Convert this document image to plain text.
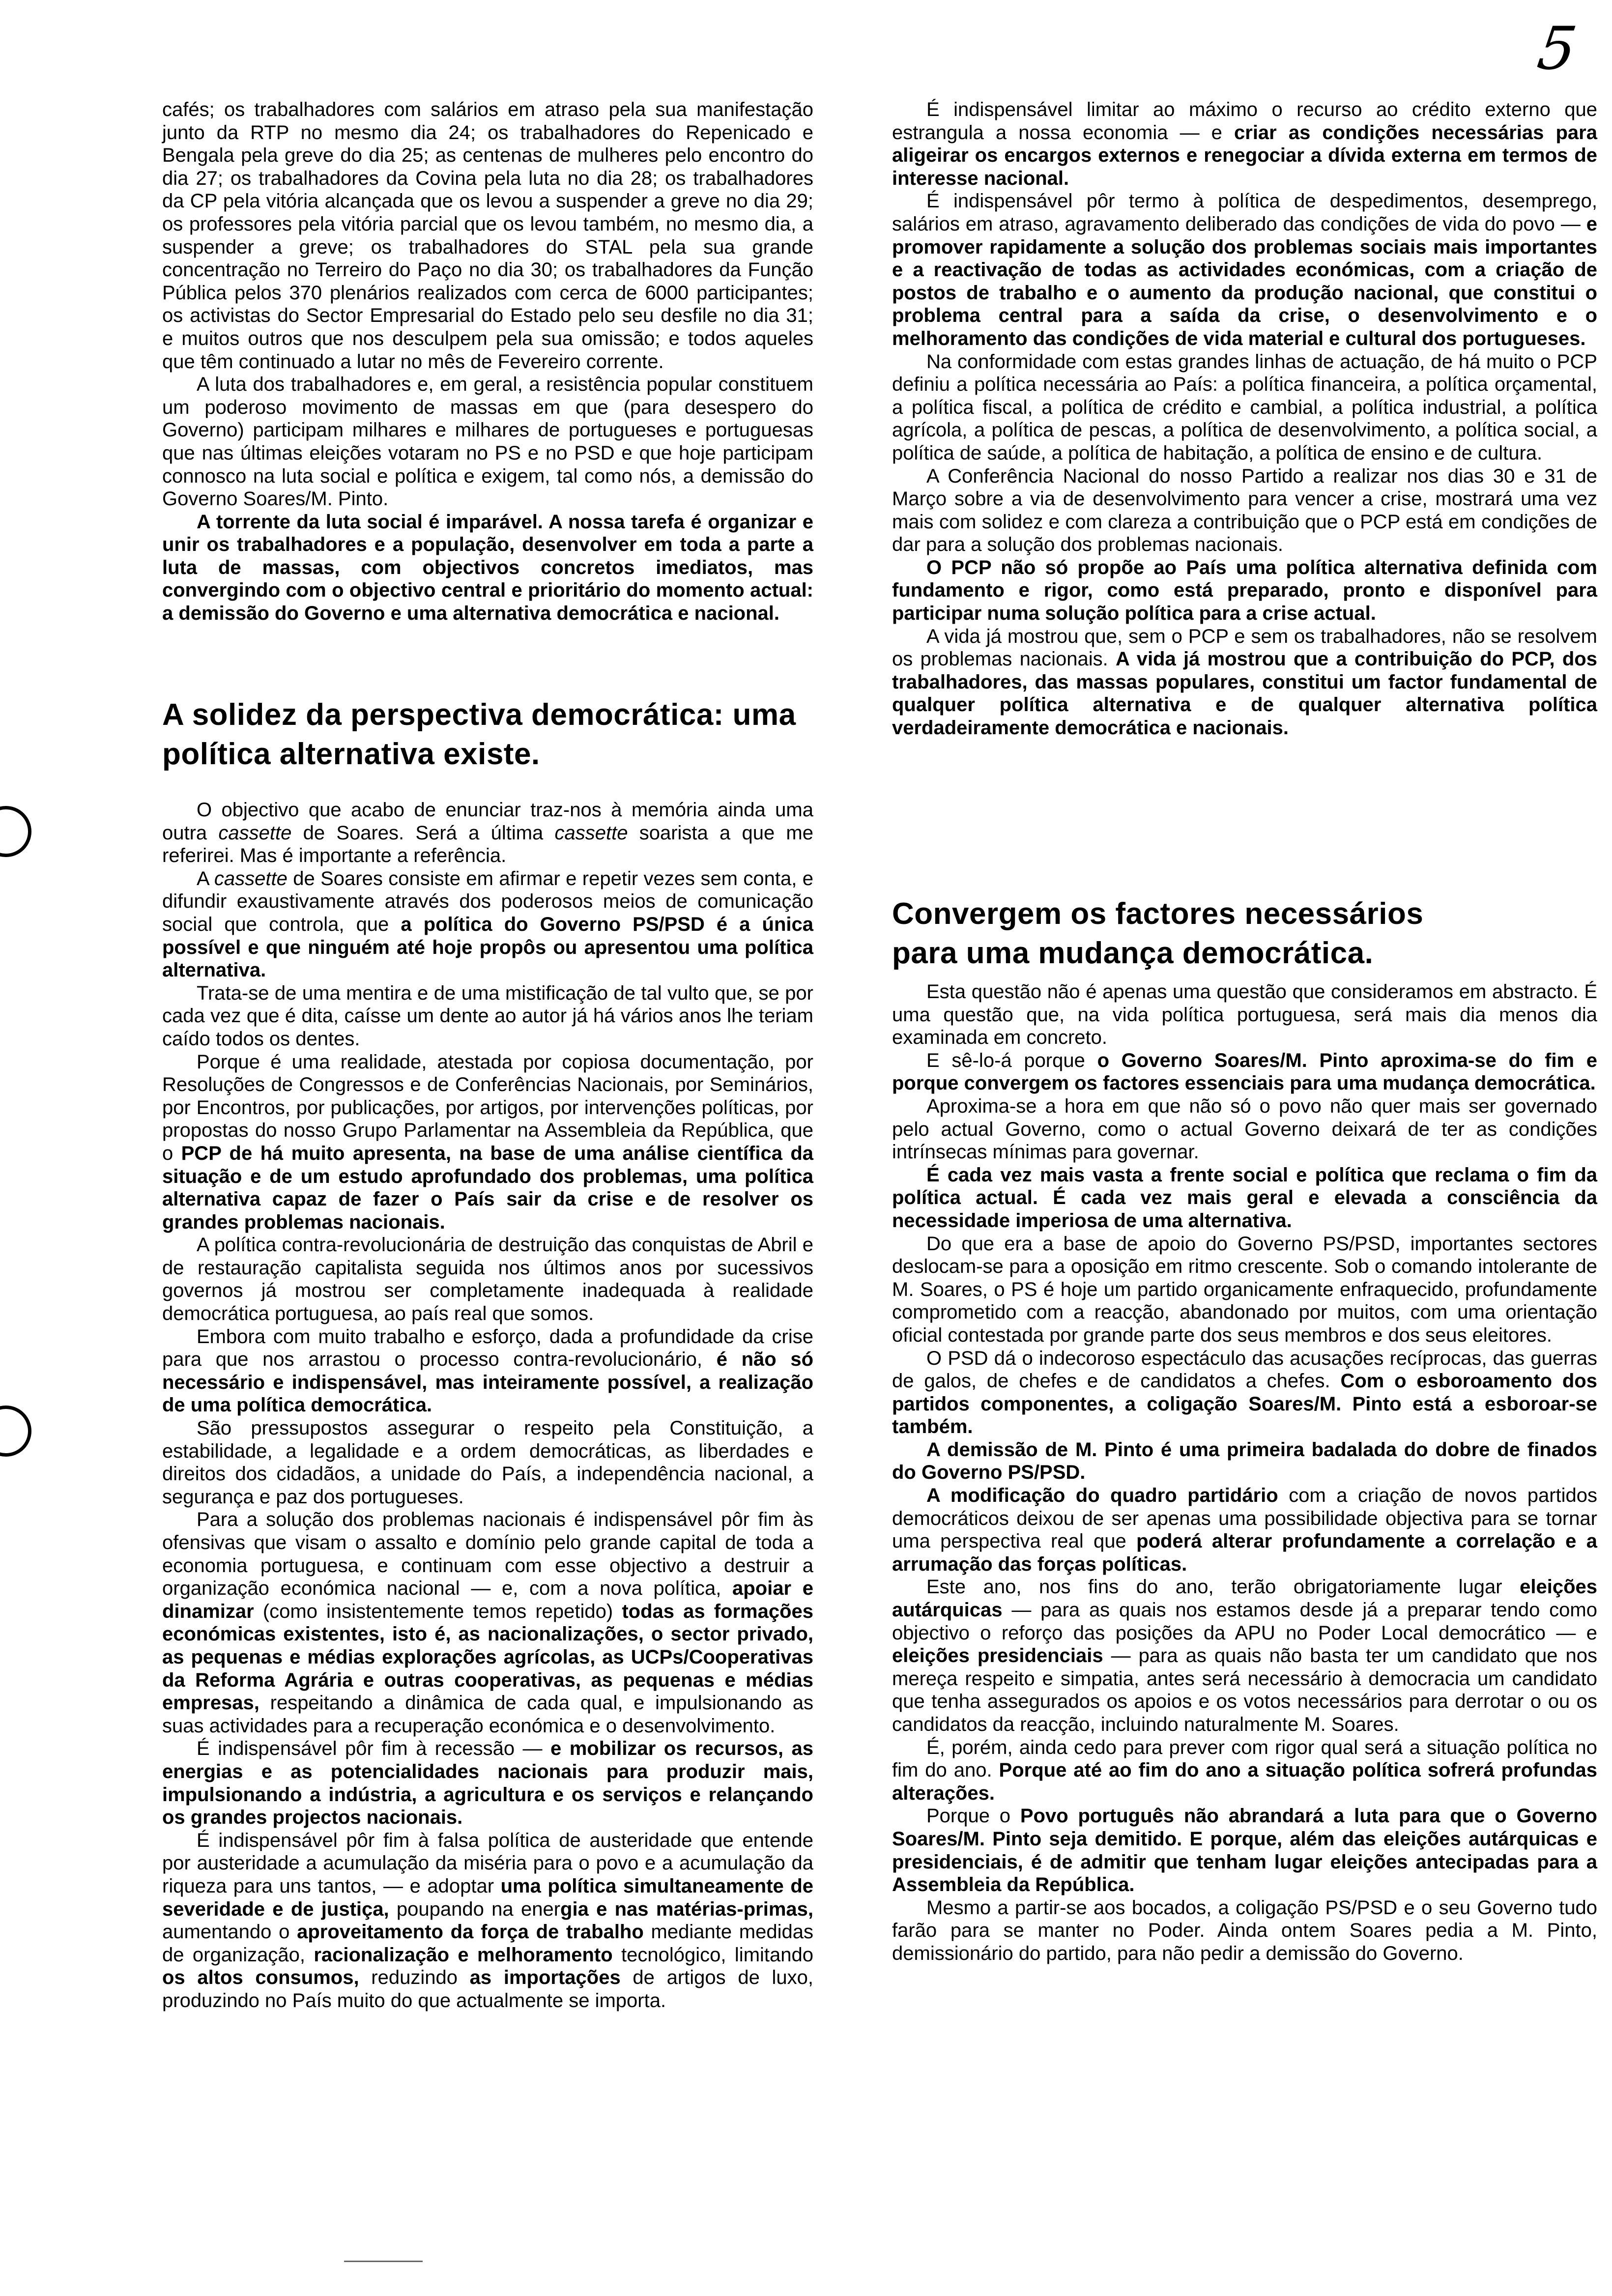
5

cafés; os trabalhadores com salários em atraso pela sua manifestação junto da RTP no mesmo dia 24; os trabalhadores do Repenicado e Bengala pela greve do dia 25; as centenas de mulheres pelo encontro do dia 27; os trabalhadores da Covina pela luta no dia 28; os trabalhadores da CP pela vitória alcançada que os levou a suspender a greve no dia 29; os professores pela vitória parcial que os levou também, no mesmo dia, a suspender a greve; os trabalhadores do STAL pela sua grande concentração no Terreiro do Paço no dia 30; os trabalhadores da Função Pública pelos 370 plenários realizados com cerca de 6000 participantes; os activistas do Sector Empresarial do Estado pelo seu desfile no dia 31; e muitos outros que nos desculpem pela sua omissão; e todos aqueles que têm continuado a lutar no mês de Fevereiro corrente.

A luta dos trabalhadores e, em geral, a resistência popular constituem um poderoso movimento de massas em que (para desespero do Governo) participam milhares e milhares de portugueses e portuguesas que nas últimas eleições votaram no PS e no PSD e que hoje participam connosco na luta social e política e exigem, tal como nós, a demissão do Governo Soares/M. Pinto.

A torrente da luta social é imparável. A nossa tarefa é organizar e unir os trabalhadores e a população, desenvolver em toda a parte a luta de massas, com objectivos concretos imediatos, mas convergindo com o objectivo central e prioritário do momento actual: a demissão do Governo e uma alternativa democrática e nacional.

A solidez da perspectiva democrática: uma política alternativa existe.

O objectivo que acabo de enunciar traz-nos à memória ainda uma outra cassette de Soares. Será a última cassette soarista a que me referirei. Mas é importante a referência.

A cassette de Soares consiste em afirmar e repetir vezes sem conta, e difundir exaustivamente através dos poderosos meios de comunicação social que controla, que a política do Governo PS/PSD é a única possível e que ninguém até hoje propôs ou apresentou uma política alternativa.

Trata-se de uma mentira e de uma mistificação de tal vulto que, se por cada vez que é dita, caísse um dente ao autor já há vários anos lhe teriam caído todos os dentes.

Porque é uma realidade, atestada por copiosa documentação, por Resoluções de Congressos e de Conferências Nacionais, por Seminários, por Encontros, por publicações, por artigos, por intervenções políticas, por propostas do nosso Grupo Parlamentar na Assembleia da República, que o PCP de há muito apresenta, na base de uma análise científica da situação e de um estudo aprofundado dos problemas, uma política alternativa capaz de fazer o País sair da crise e de resolver os grandes problemas nacionais.

A política contra-revolucionária de destruição das conquistas de Abril e de restauração capitalista seguida nos últimos anos por sucessivos governos já mostrou ser completamente inadequada à realidade democrática portuguesa, ao país real que somos.

Embora com muito trabalho e esforço, dada a profundidade da crise para que nos arrastou o processo contra-revolucionário, é não só necessário e indispensável, mas inteiramente possível, a realização de uma política democrática.

São pressupostos assegurar o respeito pela Constituição, a estabilidade, a legalidade e a ordem democráticas, as liberdades e direitos dos cidadãos, a unidade do País, a independência nacional, a segurança e paz dos portugueses.

Para a solução dos problemas nacionais é indispensável pôr fim às ofensivas que visam o assalto e domínio pelo grande capital de toda a economia portuguesa, e continuam com esse objectivo a destruir a organização económica nacional — e, com a nova política, apoiar e dinamizar (como insistentemente temos repetido) todas as formações económicas existentes, isto é, as nacionalizações, o sector privado, as pequenas e médias explorações agrícolas, as UCPs/Cooperativas da Reforma Agrária e outras cooperativas, as pequenas e médias empresas, respeitando a dinâmica de cada qual, e impulsionando as suas actividades para a recuperação económica e o desenvolvimento.

É indispensável pôr fim à recessão — e mobilizar os recursos, as energias e as potencialidades nacionais para produzir mais, impulsionando a indústria, a agricultura e os serviços e relançando os grandes projectos nacionais.

É indispensável pôr fim à falsa política de austeridade que entende por austeridade a acumulação da miséria para o povo e a acumulação da riqueza para uns tantos, — e adoptar uma política simultaneamente de severidade e de justiça, poupando na energia e nas matérias-primas, aumentando o aproveitamento da força de trabalho mediante medidas de organização, racionalização e melhoramento tecnológico, limitando os altos consumos, reduzindo as importações de artigos de luxo, produzindo no País muito do que actualmente se importa.

É indispensável limitar ao máximo o recurso ao crédito externo que estrangula a nossa economia — e criar as condições necessárias para aligeirar os encargos externos e renegociar a dívida externa em termos de interesse nacional.

É indispensável pôr termo à política de despedimentos, desemprego, salários em atraso, agravamento deliberado das condições de vida do povo — e promover rapidamente a solução dos problemas sociais mais importantes e a reactivação de todas as actividades económicas, com a criação de postos de trabalho e o aumento da produção nacional, que constitui o problema central para a saída da crise, o desenvolvimento e o melhoramento das condições de vida material e cultural dos portugueses.

Na conformidade com estas grandes linhas de actuação, de há muito o PCP definiu a política necessária ao País: a política financeira, a política orçamental, a política fiscal, a política de crédito e cambial, a política industrial, a política agrícola, a política de pescas, a política de desenvolvimento, a política social, a política de saúde, a política de habitação, a política de ensino e de cultura.

A Conferência Nacional do nosso Partido a realizar nos dias 30 e 31 de Março sobre a via de desenvolvimento para vencer a crise, mostrará uma vez mais com solidez e com clareza a contribuição que o PCP está em condições de dar para a solução dos problemas nacionais.

O PCP não só propõe ao País uma política alternativa definida com fundamento e rigor, como está preparado, pronto e disponível para participar numa solução política para a crise actual.

A vida já mostrou que, sem o PCP e sem os trabalhadores, não se resolvem os problemas nacionais. A vida já mostrou que a contribuição do PCP, dos trabalhadores, das massas populares, constitui um factor fundamental de qualquer política alternativa e de qualquer alternativa política verdadeiramente democrática e nacionais.

Convergem os factores necessários para uma mudança democrática.

Esta questão não é apenas uma questão que consideramos em abstracto. É uma questão que, na vida política portuguesa, será mais dia menos dia examinada em concreto.

E sê-lo-á porque o Governo Soares/M. Pinto aproxima-se do fim e porque convergem os factores essenciais para uma mudança democrática.

Aproxima-se a hora em que não só o povo não quer mais ser governado pelo actual Governo, como o actual Governo deixará de ter as condições intrínsecas mínimas para governar.

É cada vez mais vasta a frente social e política que reclama o fim da política actual. É cada vez mais geral e elevada a consciência da necessidade imperiosa de uma alternativa.

Do que era a base de apoio do Governo PS/PSD, importantes sectores deslocam-se para a oposição em ritmo crescente. Sob o comando intolerante de M. Soares, o PS é hoje um partido organicamente enfraquecido, profundamente comprometido com a reacção, abandonado por muitos, com uma orientação oficial contestada por grande parte dos seus membros e dos seus eleitores.

O PSD dá o indecoroso espectáculo das acusações recíprocas, das guerras de galos, de chefes e de candidatos a chefes. Com o esboroamento dos partidos componentes, a coligação Soares/M. Pinto está a esboroar-se também.

A demissão de M. Pinto é uma primeira badalada do dobre de finados do Governo PS/PSD.

A modificação do quadro partidário com a criação de novos partidos democráticos deixou de ser apenas uma possibilidade objectiva para se tornar uma perspectiva real que poderá alterar profundamente a correlação e a arrumação das forças políticas.

Este ano, nos fins do ano, terão obrigatoriamente lugar eleições autárquicas — para as quais nos estamos desde já a preparar tendo como objectivo o reforço das posições da APU no Poder Local democrático — e eleições presidenciais — para as quais não basta ter um candidato que nos mereça respeito e simpatia, antes será necessário à democracia um candidato que tenha assegurados os apoios e os votos necessários para derrotar o ou os candidatos da reacção, incluindo naturalmente M. Soares.

É, porém, ainda cedo para prever com rigor qual será a situação política no fim do ano. Porque até ao fim do ano a situação política sofrerá profundas alterações.

Porque o Povo português não abrandará a luta para que o Governo Soares/M. Pinto seja demitido. E porque, além das eleições autárquicas e presidenciais, é de admitir que tenham lugar eleições antecipadas para a Assembleia da República.

Mesmo a partir-se aos bocados, a coligação PS/PSD e o seu Governo tudo farão para se manter no Poder. Ainda ontem Soares pedia a M. Pinto, demissionário do partido, para não pedir a demissão do Governo.
